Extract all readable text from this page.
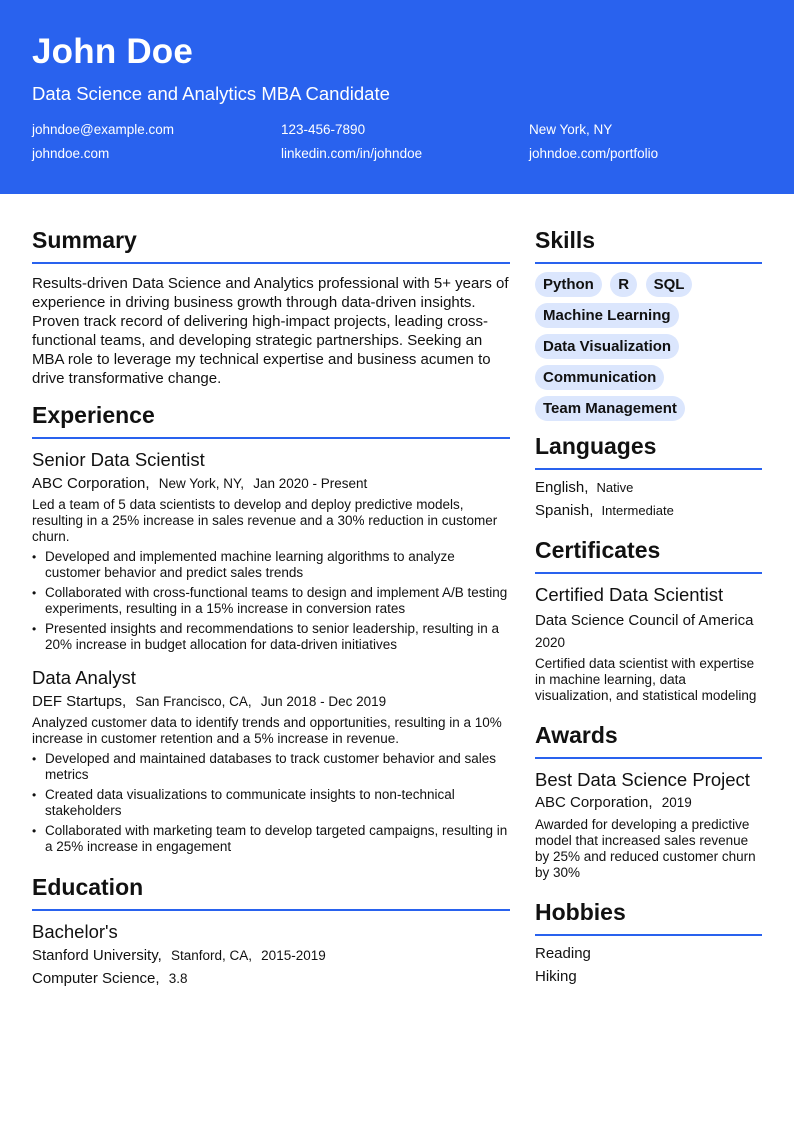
John Doe
Data Science and Analytics MBA Candidate
johndoe@example.com	123-456-7890	New York, NY
johndoe.com	linkedin.com/in/johndoe	johndoe.com/portfolio
Summary

Results-driven Data Science and Analytics professional with 5+ years of experience in driving business growth through data-driven insights. Proven track record of delivering high-impact projects, leading cross-functional teams, and developing strategic partnerships. Seeking an MBA role to leverage my technical expertise and business acumen to drive transformative change.

Experience
Senior Data Scientist
ABC Corporation, New York, NY, Jan 2020 - Present

Led a team of 5 data scientists to develop and deploy predictive models, resulting in a 25% increase in sales revenue and a 30% reduction in customer churn.

• Developed and implemented machine learning algorithms to analyze customer behavior and predict sales trends
• Collaborated with cross-functional teams to design and implement A/B testing experiments, resulting in a 15% increase in conversion rates
• Presented insights and recommendations to senior leadership, resulting in a 20% increase in budget allocation for data-driven initiatives
Data Analyst
DEF Startups, San Francisco, CA, Jun 2018 - Dec 2019

Analyzed customer data to identify trends and opportunities, resulting in a 10% increase in customer retention and a 5% increase in revenue.

• Developed and maintained databases to track customer behavior and sales metrics
• Created data visualizations to communicate insights to non-technical stakeholders
• Collaborated with marketing team to develop targeted campaigns, resulting in a 25% increase in engagement
Education
Bachelor's
Stanford University, Stanford, CA, 2015-2019
Computer Science, 3.8
Skills
Python R SQL
Machine Learning
Data Visualization
Communication
Team Management
Languages
English, Native
Spanish, Intermediate
Certificates
Certified Data Scientist
Data Science Council of America
2020

Certified data scientist with expertise in machine learning, data visualization, and statistical modeling

Awards
Best Data Science Project
ABC Corporation, 2019

Awarded for developing a predictive model that increased sales revenue by 25% and reduced customer churn by 30%

Hobbies
Reading
Hiking
